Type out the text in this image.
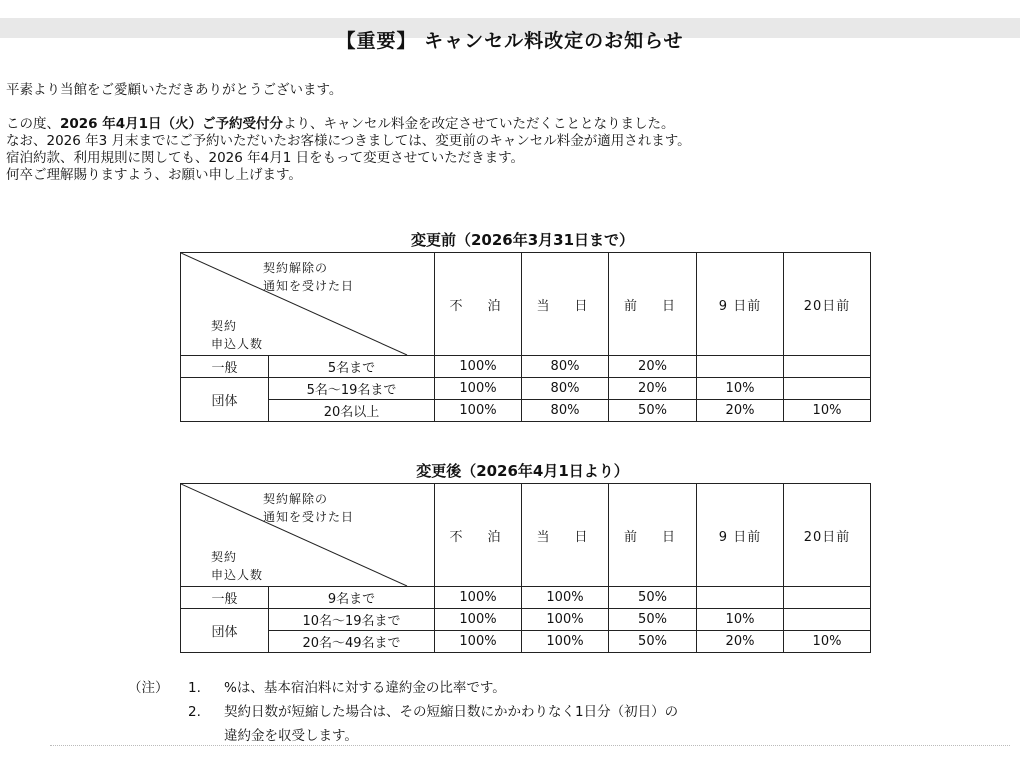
【重要】 キャンセル料改定のお知らせ
平素より当館をご愛顧いただきありがとうございます。
この度、2026 年4月1日（火）ご予約受付分より、キャンセル料金を改定させていただくこととなりました。
なお、2026 年3 月末までにご予約いただいたお客様につきましては、変更前のキャンセル料金が適用されます。
宿泊約款、利用規則に関しても、2026 年4月1 日をもって変更させていただきます。
何卒ご理解賜りますよう、お願い申し上げます。
変更前（2026年3月31日まで）
契約解除の
通知を受けた日
契約
申込人数		不　泊	当　日	前　日	9 日前	20日前
一般	5名まで	100%	80%	20%		
団体	5名～19名まで	100%	80%	20%	10%	
	20名以上	100%	80%	50%	20%	10%
変更後（2026年4月1日より）
契約解除の
通知を受けた日
契約
申込人数		不　泊	当　日	前　日	9 日前	20日前
一般	9名まで	100%	100%	50%		
団体	10名～19名まで	100%	100%	50%	10%	
	20名～49名まで	100%	100%	50%	20%	10%
（注） 1. %は、基本宿泊料に対する違約金の比率です。
2. 契約日数が短縮した場合は、その短縮日数にかかわりなく1日分（初日）の
違約金を収受します。
